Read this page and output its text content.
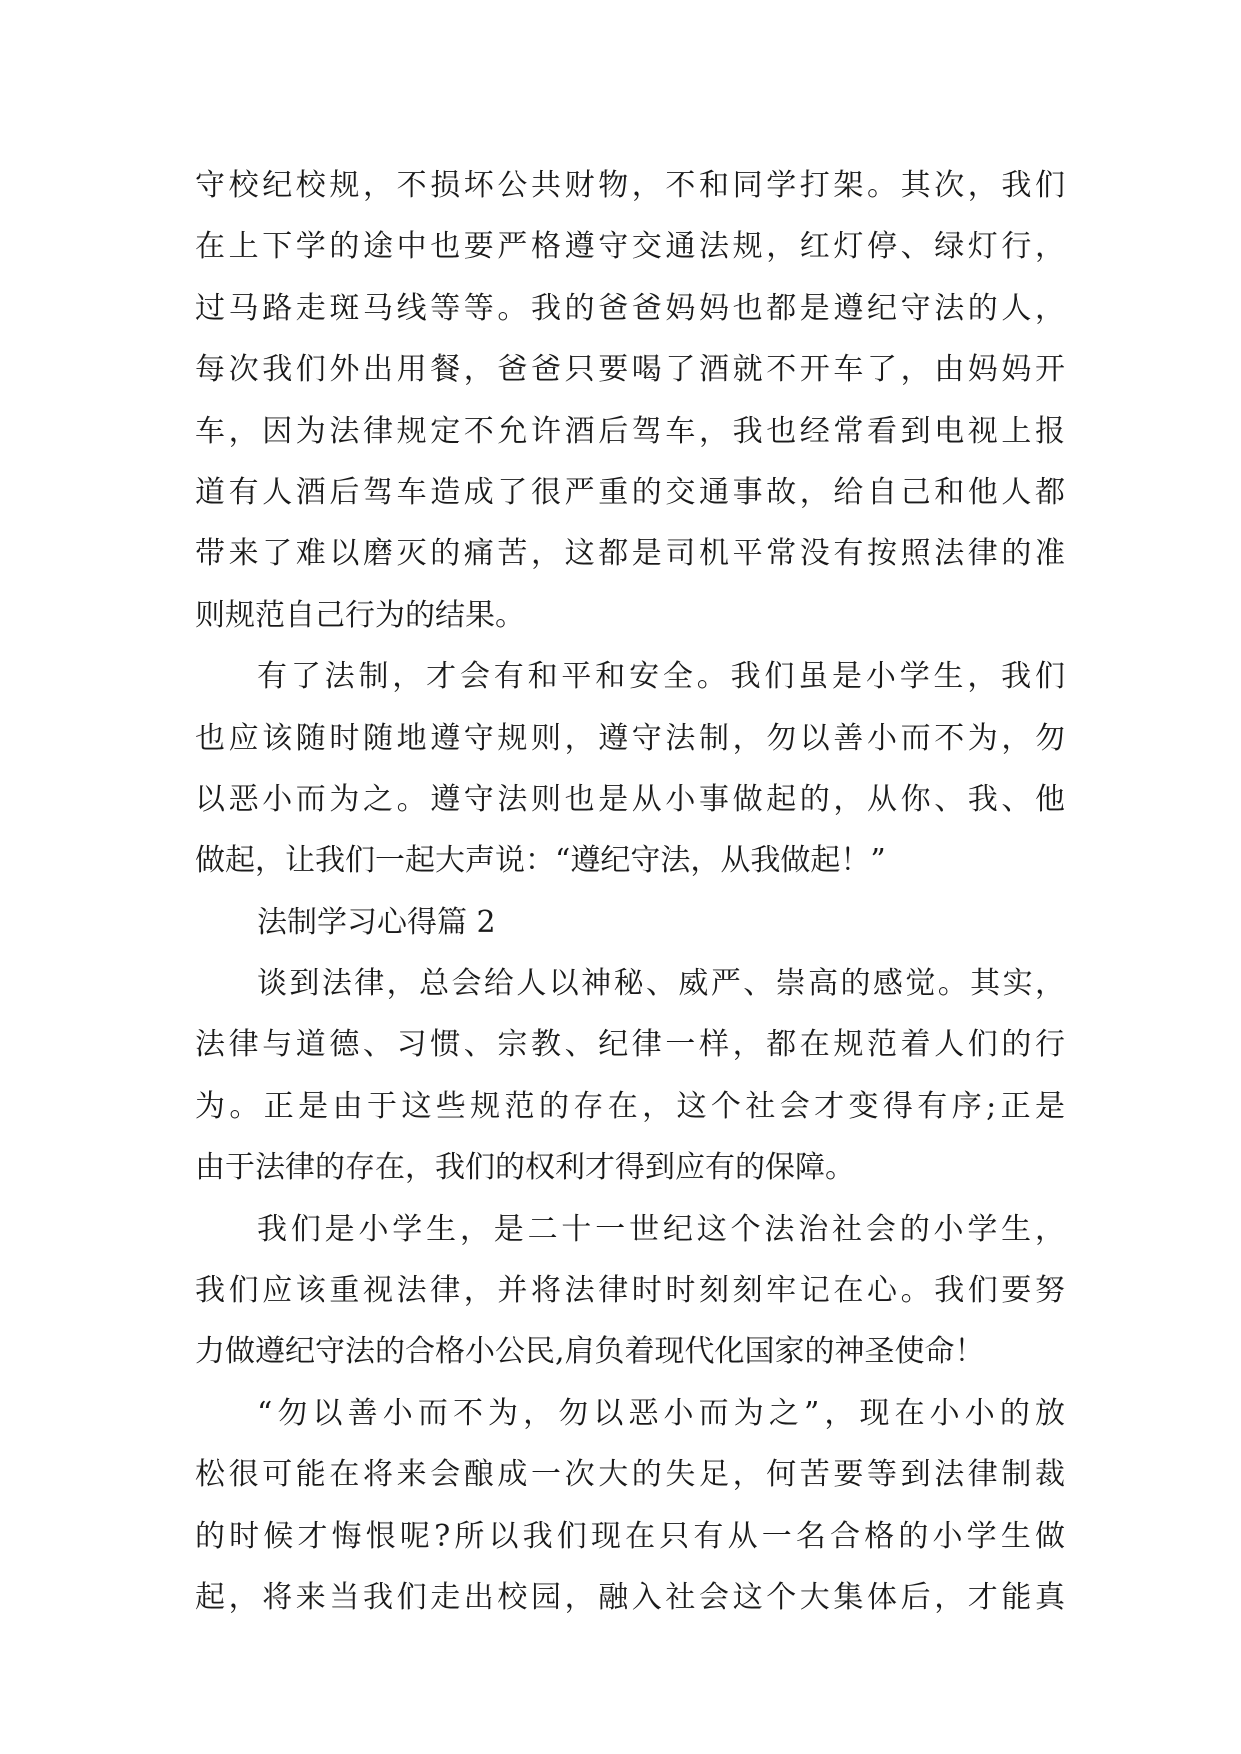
守校纪校规，不损坏公共财物，不和同学打架。其次，我们
在上下学的途中也要严格遵守交通法规，红灯停、绿灯行，
过马路走斑马线等等。我的爸爸妈妈也都是遵纪守法的人，
每次我们外出用餐，爸爸只要喝了酒就不开车了，由妈妈开
车，因为法律规定不允许酒后驾车，我也经常看到电视上报
道有人酒后驾车造成了很严重的交通事故，给自己和他人都
带来了难以磨灭的痛苦，这都是司机平常没有按照法律的准
则规范自己行为的结果。
有了法制，才会有和平和安全。我们虽是小学生，我们
也应该随时随地遵守规则，遵守法制，勿以善小而不为，勿
以恶小而为之。遵守法则也是从小事做起的，从你、我、他
做起，让我们一起大声说：“遵纪守法，从我做起！”
法制学习心得篇 2
谈到法律，总会给人以神秘、威严、崇高的感觉。其实，
法律与道德、习惯、宗教、纪律一样，都在规范着人们的行
为。正是由于这些规范的存在，这个社会才变得有序;正是
由于法律的存在，我们的权利才得到应有的保障。
我们是小学生，是二十一世纪这个法治社会的小学生，
我们应该重视法律，并将法律时时刻刻牢记在心。我们要努
力做遵纪守法的合格小公民,肩负着现代化国家的神圣使命！
“勿以善小而不为，勿以恶小而为之”，现在小小的放
松很可能在将来会酿成一次大的失足，何苦要等到法律制裁
的时候才悔恨呢?所以我们现在只有从一名合格的小学生做
起，将来当我们走出校园，融入社会这个大集体后，才能真
